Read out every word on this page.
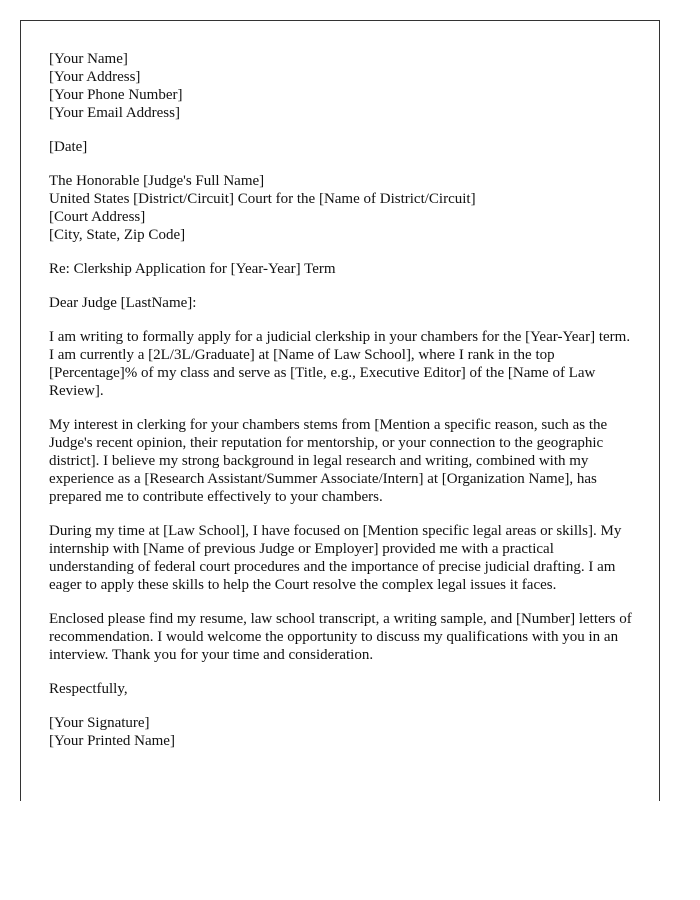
[Your Name]
[Your Address]
[Your Phone Number]
[Your Email Address]
[Date]
The Honorable [Judge's Full Name]
United States [District/Circuit] Court for the [Name of District/Circuit]
[Court Address]
[City, State, Zip Code]
Re: Clerkship Application for [Year-Year] Term
Dear Judge [LastName]:

I am writing to formally apply for a judicial clerkship in your chambers for the [Year-Year] term. I am currently a [2L/3L/Graduate] at [Name of Law School], where I rank in the top [Percentage]% of my class and serve as [Title, e.g., Executive Editor] of the [Name of Law Review].

My interest in clerking for your chambers stems from [Mention a specific reason, such as the Judge's recent opinion, their reputation for mentorship, or your connection to the geographic district]. I believe my strong background in legal research and writing, combined with my experience as a [Research Assistant/Summer Associate/Intern] at [Organization Name], has prepared me to contribute effectively to your chambers.

During my time at [Law School], I have focused on [Mention specific legal areas or skills]. My internship with [Name of previous Judge or Employer] provided me with a practical understanding of federal court procedures and the importance of precise judicial drafting. I am eager to apply these skills to help the Court resolve the complex legal issues it faces.

Enclosed please find my resume, law school transcript, a writing sample, and [Number] letters of recommendation. I would welcome the opportunity to discuss my qualifications with you in an interview. Thank you for your time and consideration.

Respectfully,
[Your Signature]
[Your Printed Name]
